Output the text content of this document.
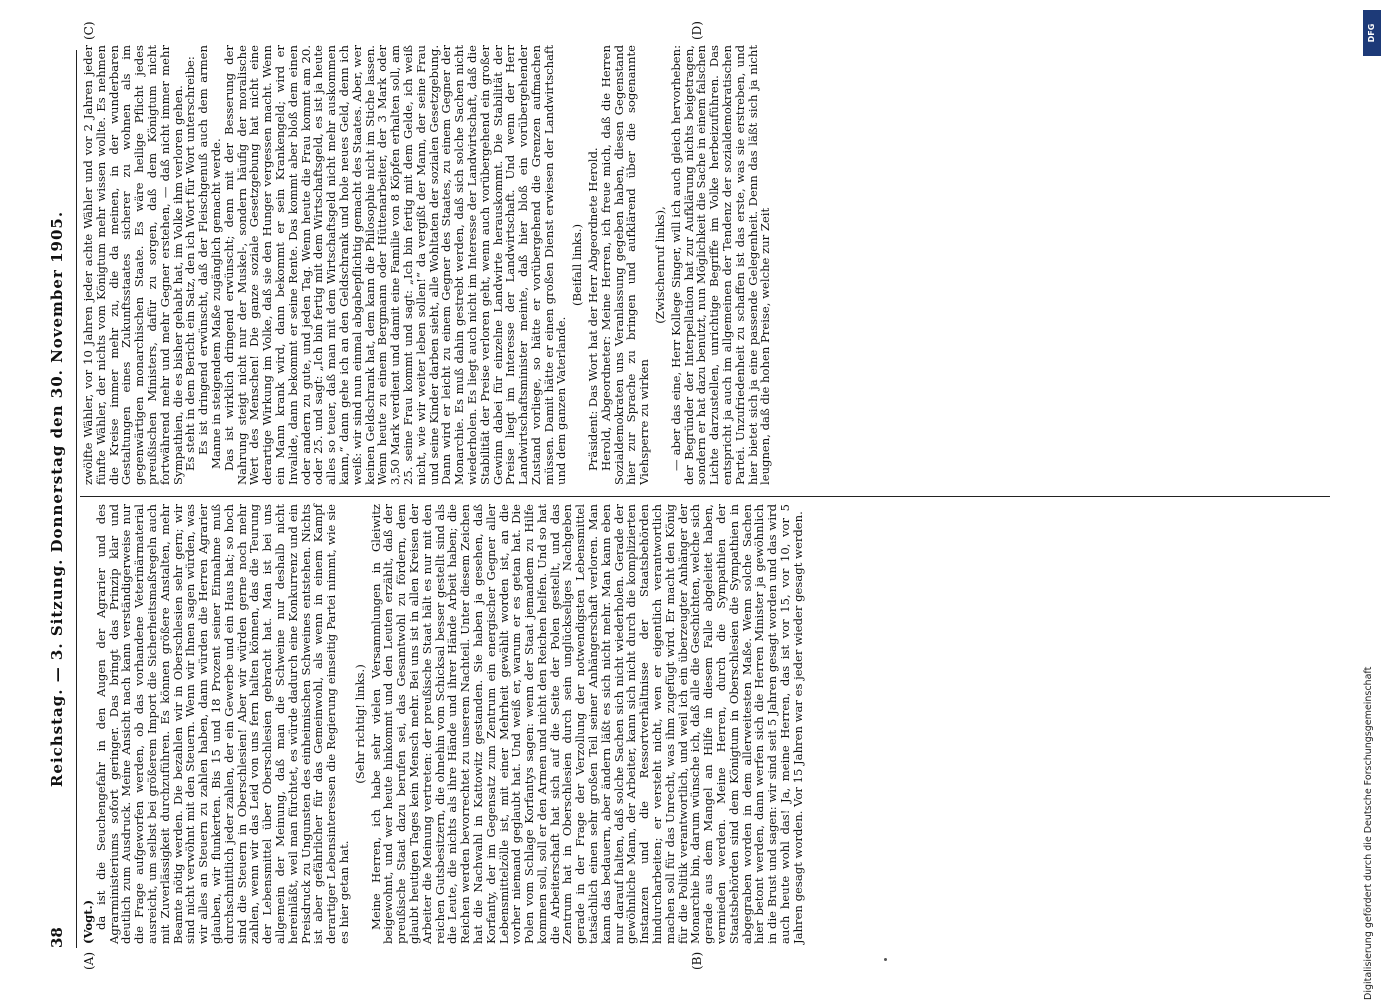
38
Reichstag. — 3. Sitzung. Donnerstag den 30. November 1905.
(A)	(B)
(C)	(D)

(Vogt.)

da ist die Seuchengefahr in den Augen der Agrarier und des Agrarministeriums sofort geringer. Das bringt das Prinzip klar und deutlich zum Ausdruck. Meine Ansicht nach kann verständigerweise nur die Frage aufgeworfen werden, ob das vorhandene Veterinärmaterial ausreicht, um selbst bei größerem Import die Sicherheitsmaßregeln auch mit Zuverlässigkeit durchzuführen. Es können größere Anstalten, mehr Beamte nötig werden. Die bezahlen wir in Oberschlesien sehr gern; wir sind nicht verwöhnt mit den Steuern. Wenn wir Ihnen sagen würden, was wir alles an Steuern zu zahlen haben, dann würden die Herren Agrarier glauben, wir flunkerten. Bis 15 und 18 Prozent seiner Einnahme muß durchschnittlich jeder zahlen, der ein Gewerbe und ein Haus hat; so hoch sind die Steuern in Oberschlesien! Aber wir würden gerne noch mehr zahlen, wenn wir das Leid von uns fern halten können, das die Teurung der Lebensmittel über Oberschlesien gebracht hat. Man ist bei uns allgemein der Meinung, daß man die Schweine nur deshalb nicht hereinläßt, weil man fürchtet, es würde dadurch eine Konkurrenz und ein Preisdruck zu Ungunsten des einheimischen Schweines entstehen. Nichts ist aber gefährlicher für das Gemeinwohl, als wenn in einem Kampf derartiger Lebensinteressen die Regierung einseitig Partei nimmt, wie sie es hier getan hat.

(Sehr richtig! links.) Meine Herren, ich habe sehr vielen Versammlungen in Gleiwitz beigewohnt, und wer heute hinkommt und den Leuten erzählt, daß der preußische Staat dazu berufen sei, das Gesamtwohl zu fördern, dem glaubt heutigen Tages kein Mensch mehr. Bei uns ist in allen Kreisen der Arbeiter die Meinung vertreten: der preußische Staat hält es nur mit den reichen Gutsbesitzern, die ohnehin vom Schicksal besser gestellt sind als die Leute, die nichts als ihre Hände und ihrer Hände Arbeit haben; die Reichen werden bevorrechtet zu unserem Nachteil. Unter diesem Zeichen hat die Nachwahl in Kattowitz gestanden. Sie haben ja gesehen, daß Korfanty, der im Gegensatz zum Zentrum ein energischer Gegner aller Lebensmittelzölle ist, mit einer Mehrheit gewählt worden ist, an die vorher niemand geglaubt hat. Und weiß er, warum er es getan hat. Die Polen vom Schlage Korfantys sagen: wenn der Staat jemandem zu Hilfe kommen soll, soll er den Armen und nicht den Reichen helfen. Und so hat die Arbeiterschaft hat sich auf die Seite der Polen gestellt, und das Zentrum hat in Oberschlesien durch sein unglückseliges Nachgeben gerade in der Frage der Verzollung der notwendigsten Lebensmittel tatsächlich einen sehr großen Teil seiner Anhängerschaft verloren. Man kann das bedauern, aber ändern läßt es sich nicht mehr. Man kann eben nur darauf halten, daß solche Sachen sich nicht wiederholen. Gerade der gewöhnliche Mann, der Arbeiter, kann sich nicht durch die komplizierten Instanzen und die Ressortverhältnisse der Staatsbehörden hindurcharbeiten; er versteht nicht, wen er eigentlich verantwortlich machen soll für das Unrecht, was ihm zugefügt wird. Er macht den König für die Politik verantwortlich, und weil ich ein überzeugter Anhänger der Monarchie bin, darum wünsche ich, daß alle die Geschichten, welche sich gerade aus dem Mangel an Hilfe in diesem Falle abgeleitet haben, vermieden werden. Meine Herren, durch die Sympathien der Staatsbehörden sind dem Königtum in Oberschlesien die Sympathien in abgegraben worden in dem allerweitesten Maße. Wenn solche Sachen hier betont werden, dann werfen sich die Herren Minister ja gewöhnlich in die Brust und sagen: wir sind seit 5 Jahren gesagt worden und das wird auch heute wohl das! Ja, meine Herren, das ist vor 15, vor 10, vor 5 Jahren gesagt worden. Vor 15 Jahren war es jeder wieder gesagt werden.

zwölfte Wähler, vor 10 Jahren jeder achte Wähler und vor 2 Jahren jeder fünfte Wähler, der nichts vom Königtum mehr wissen wollte. Es nehmen die Kreise immer mehr zu, die da meinen, in der wunderbaren Gestaltungen eines Zukunftsstaates sicherer zu wohnen als im gegenwärtigen monarchischen Staate. Es wäre heilige Pflicht jedes preußischen Ministers, dafür zu sorgen, daß dem Königtum nicht fortwährend mehr und mehr Gegner erstehen, — daß nicht immer mehr Sympathien, die es bisher gehabt hat, im Volke ihm verloren gehen.

Es steht in dem Bericht ein Satz, den ich Wort für Wort unterschreibe:

Es ist dringend erwünscht, daß der Fleischgenuß auch dem armen Manne in steigendem Maße zugänglich gemacht werde.

Das ist wirklich dringend erwünscht; denn mit der Besserung der Nahrung steigt nicht nur der Muskel-, sondern häufig der moralische Wert des Menschen! Die ganze soziale Gesetzgebung hat nicht eine derartige Wirkung im Volke, daß sie den Hunger vergessen macht. Wenn ein Mann krank wird, dann bekommt er sein Krankengeld; wird er Invalide, dann bekommt er seine Rente. Das kommt aber bloß dem einen oder andern zu gute, und jeden Tag. Wenn heute die Frau kommt am 20. oder 25. und sagt: „Ich bin fertig mit dem Wirtschaftsgeld, es ist ja heute alles so teuer, daß man mit dem Wirtschaftsgeld nicht mehr auskommen kann,“ dann gehe ich an den Geldschrank und hole neues Geld, denn ich weiß: wir sind nun einmal abgabepflichtig gemacht des Staates. Aber, wer keinen Geldschrank hat, dem kann die Philosophie nicht im Stiche lassen. Wenn heute zu einem Bergmann oder Hüttenarbeiter, der 3 Mark oder 3,50 Mark verdient und damit eine Familie von 8 Köpfen erhalten soll, am 25. seine Frau kommt und sagt: „Ich bin fertig mit dem Gelde, ich weiß nicht, wie wir weiter leben sollen!“ da vergißt der Mann, der seine Frau und seine Kinder darben sieht, alle Wohltaten der sozialen Gesetzgebung. Dann wird er leicht zu einem Gegner des Staates, zu einem Gegner der Monarchie. Es muß dahin gestrebt werden, daß sich solche Sachen nicht wiederholen. Es liegt auch nicht im Interesse der Landwirtschaft, daß die Stabilität der Preise verloren geht, wenn auch vorübergehend ein großer Gewinn dabei für einzelne Landwirte herauskommt. Die Stabilität der Preise liegt im Interesse der Landwirtschaft. Und wenn der Herr Landwirtschaftsminister meinte, daß hier bloß ein vorübergehender Zustand vorliege, so hätte er vorübergehend die Grenzen aufmachen müssen. Damit hätte er einen großen Dienst erwiesen der Landwirtschaft und dem ganzen Vaterlande.

(Beifall links.) Präsident: Das Wort hat der Herr Abgeordnete Herold.

Herold, Abgeordneter: Meine Herren, ich freue mich, daß die Herren Sozialdemokraten uns Veranlassung gegeben haben, diesen Gegenstand hier zur Sprache zu bringen und aufklärend über die sogenannte Viehsperre zu wirken

(Zwischenruf links), — aber das eine, Herr Kollege Singer, will ich auch gleich hervorheben: der Begründer der Interpellation hat zur Aufklärung nichts beigetragen, sondern er hat dazu benutzt, nun Möglichkeit die Sache in einem falschen Lichte darzustellen, unrichtige Begriffe im Volke herbeizuführen. Das entspricht ja auch im allgemeinen der Tendenz der sozialdemokratischen Partei. Unzufriedenheit zu schaffen ist das erste, was sie erstreben, und hier bietet sich ja eine passende Gelegenheit. Denn das läßt sich ja nicht leugnen, daß die hohen Preise, welche zur Zeit

Digitalisierung gefördert durch die Deutsche Forschungsgemeinschaft
DFG
